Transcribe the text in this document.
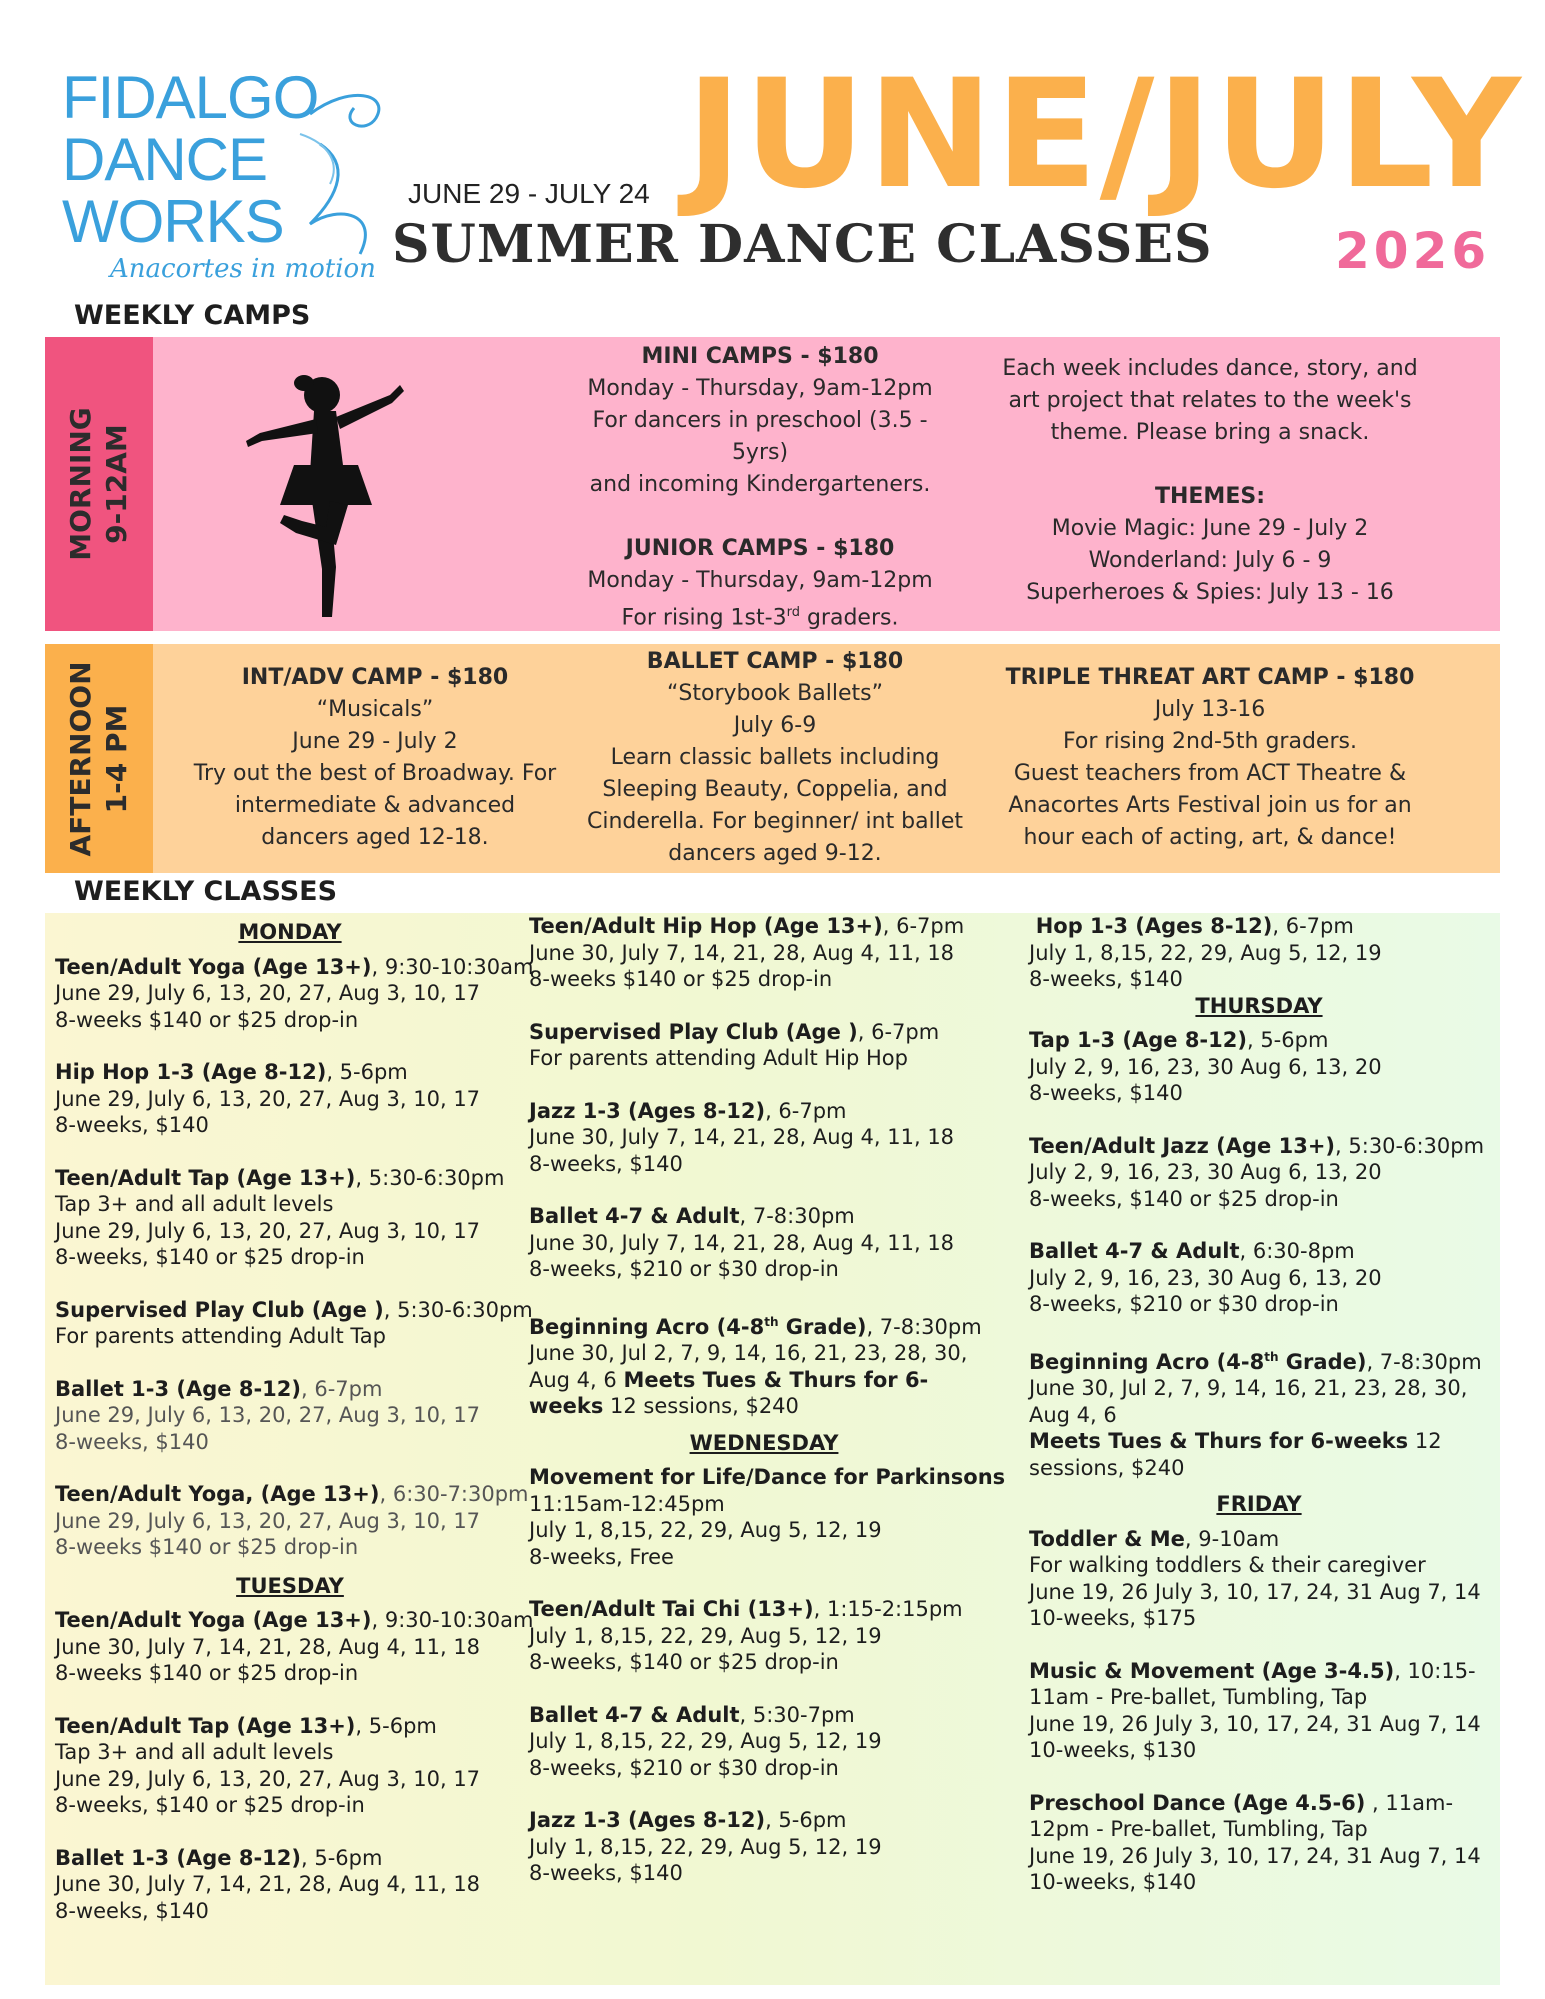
FIDALGO
DANCE
WORKS
Anacortes in motion
JUNE 29 - JULY 24 JUNE/JULY
SUMMER DANCE CLASSES 2026
WEEKLY CAMPS
MORNING 9-12AM
MINI CAMPS - $180
Monday - Thursday, 9am-12pm
For dancers in preschool (3.5 - 5yrs)
and incoming Kindergarteners.
JUNIOR CAMPS - $180
Monday - Thursday, 9am-12pm
For rising 1st-3rd graders.
Each week includes dance, story, and
art project that relates to the week's
theme. Please bring a snack.
THEMES:
Movie Magic: June 29 - July 2
Wonderland: July 6 - 9
Superheroes & Spies: July 13 - 16
AFTERNOON 1-4 PM
INT/ADV CAMP - $180
“Musicals”
June 29 - July 2
Try out the best of Broadway. For
intermediate & advanced
dancers aged 12-18.
BALLET CAMP - $180
“Storybook Ballets”
July 6-9
Learn classic ballets including
Sleeping Beauty, Coppelia, and
Cinderella. For beginner/ int ballet
dancers aged 9-12.
TRIPLE THREAT ART CAMP - $180
July 13-16
For rising 2nd-5th graders.
Guest teachers from ACT Theatre &
Anacortes Arts Festival join us for an
hour each of acting, art, & dance!
WEEKLY CLASSES
MONDAY
Teen/Adult Yoga (Age 13+), 9:30-10:30am
June 29, July 6, 13, 20, 27, Aug 3, 10, 17
8-weeks $140 or $25 drop-in
Hip Hop 1-3 (Age 8-12), 5-6pm
June 29, July 6, 13, 20, 27, Aug 3, 10, 17
8-weeks, $140
Teen/Adult Tap (Age 13+), 5:30-6:30pm
Tap 3+ and all adult levels
June 29, July 6, 13, 20, 27, Aug 3, 10, 17
8-weeks, $140 or $25 drop-in
Supervised Play Club (Age ), 5:30-6:30pm
For parents attending Adult Tap
Ballet 1-3 (Age 8-12), 6-7pm
June 29, July 6, 13, 20, 27, Aug 3, 10, 17
8-weeks, $140
Teen/Adult Yoga, (Age 13+), 6:30-7:30pm
June 29, July 6, 13, 20, 27, Aug 3, 10, 17
8-weeks $140 or $25 drop-in
TUESDAY
Teen/Adult Yoga (Age 13+), 9:30-10:30am
June 30, July 7, 14, 21, 28, Aug 4, 11, 18
8-weeks $140 or $25 drop-in
Teen/Adult Tap (Age 13+), 5-6pm
Tap 3+ and all adult levels
June 29, July 6, 13, 20, 27, Aug 3, 10, 17
8-weeks, $140 or $25 drop-in
Ballet 1-3 (Age 8-12), 5-6pm
June 30, July 7, 14, 21, 28, Aug 4, 11, 18
8-weeks, $140
Teen/Adult Hip Hop (Age 13+), 6-7pm
June 30, July 7, 14, 21, 28, Aug 4, 11, 18
8-weeks $140 or $25 drop-in
Supervised Play Club (Age ), 6-7pm
For parents attending Adult Hip Hop
Jazz 1-3 (Ages 8-12), 6-7pm
June 30, July 7, 14, 21, 28, Aug 4, 11, 18
8-weeks, $140
Ballet 4-7 & Adult, 7-8:30pm
June 30, July 7, 14, 21, 28, Aug 4, 11, 18
8-weeks, $210 or $30 drop-in
Beginning Acro (4-8th Grade), 7-8:30pm
June 30, Jul 2, 7, 9, 14, 16, 21, 23, 28, 30,
Aug 4, 6 Meets Tues & Thurs for 6-
weeks 12 sessions, $240
WEDNESDAY
Movement for Life/Dance for Parkinsons
11:15am-12:45pm
July 1, 8,15, 22, 29, Aug 5, 12, 19
8-weeks, Free
Teen/Adult Tai Chi (13+), 1:15-2:15pm
July 1, 8,15, 22, 29, Aug 5, 12, 19
8-weeks, $140 or $25 drop-in
Ballet 4-7 & Adult, 5:30-7pm
July 1, 8,15, 22, 29, Aug 5, 12, 19
8-weeks, $210 or $30 drop-in
Jazz 1-3 (Ages 8-12), 5-6pm
July 1, 8,15, 22, 29, Aug 5, 12, 19
8-weeks, $140
Hop 1-3 (Ages 8-12), 6-7pm
July 1, 8,15, 22, 29, Aug 5, 12, 19
8-weeks, $140
THURSDAY
Tap 1-3 (Age 8-12), 5-6pm
July 2, 9, 16, 23, 30 Aug 6, 13, 20
8-weeks, $140
Teen/Adult Jazz (Age 13+), 5:30-6:30pm
July 2, 9, 16, 23, 30 Aug 6, 13, 20
8-weeks, $140 or $25 drop-in
Ballet 4-7 & Adult, 6:30-8pm
July 2, 9, 16, 23, 30 Aug 6, 13, 20
8-weeks, $210 or $30 drop-in
Beginning Acro (4-8th Grade), 7-8:30pm
June 30, Jul 2, 7, 9, 14, 16, 21, 23, 28, 30,
Aug 4, 6
Meets Tues & Thurs for 6-weeks 12
sessions, $240
FRIDAY
Toddler & Me, 9-10am
For walking toddlers & their caregiver
June 19, 26 July 3, 10, 17, 24, 31 Aug 7, 14
10-weeks, $175
Music & Movement (Age 3-4.5), 10:15-
11am - Pre-ballet, Tumbling, Tap
June 19, 26 July 3, 10, 17, 24, 31 Aug 7, 14
10-weeks, $130
Preschool Dance (Age 4.5-6) , 11am-
12pm - Pre-ballet, Tumbling, Tap
June 19, 26 July 3, 10, 17, 24, 31 Aug 7, 14
10-weeks, $140
